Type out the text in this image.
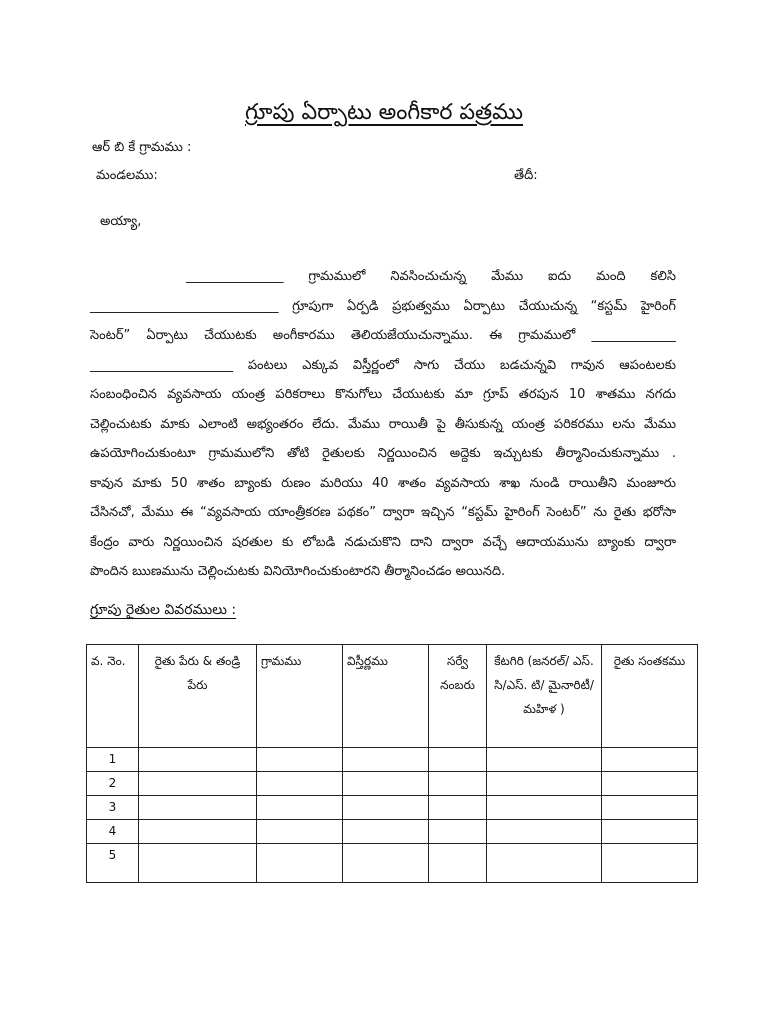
గ్రూపు ఏర్పాటు అంగీకార పత్రము
ఆర్ బి కే గ్రామము :
మండలము:	తేదీ:
అయ్యా,

_______________ గ్రామములో నివసించుచున్న మేము ఐదు మంది కలిసి

_____________________________ గ్రూపుగా ఏర్పడి ప్రభుత్వము ఏర్పాటు చేయుచున్న “కస్టమ్ హైరింగ్

సెంటర్” ఏర్పాటు చేయుటకు అంగీకారము తెలియజేయుచున్నాము. ఈ గ్రామములో _____________

______________________ పంటలు ఎక్కువ విస్తీర్ణంలో సాగు చేయు బడచున్నవి గావున ఆపంటలకు

సంబంధించిన వ్యవసాయ యంత్ర పరికరాలు కొనుగోలు చేయుటకు మా గ్రూప్ తరపున 10 శాతము నగదు

చెల్లించుటకు మాకు ఎలాంటి అభ్యంతరం లేదు. మేము రాయితీ పై తీసుకున్న యంత్ర పరికరము లను మేము

ఉపయోగించుకుంటూ గ్రామములోని తోటి రైతులకు నిర్ణయించిన అద్దెకు ఇచ్చుటకు తీర్మానించుకున్నాము .

కావున మాకు 50 శాతం బ్యాంకు రుణం మరియు 40 శాతం వ్యవసాయ శాఖ నుండి రాయితీని మంజూరు

చేసినచో, మేము ఈ “వ్యవసాయ యాంత్రీకరణ పథకం” ద్వారా ఇచ్చిన “కస్టమ్ హైరింగ్ సెంటర్” ను రైతు భరోసా

కేంద్రం వారు నిర్ణయించిన షరతుల కు లోబడి నడుచుకొని దాని ద్వారా వచ్చే ఆదాయమును బ్యాంకు ద్వారా

పొందిన ఋణమును చెల్లించుటకు వినియోగించుకుంటారని తీర్మానించడం అయినది.

గ్రూపు రైతుల వివరములు :
వ. నెం.	రైతు పేరు & తండ్రి పేరు	గ్రామము	విస్తీర్ణము	సర్వే నంబరు	కేటగిరి (జనరల్/ ఎస్. సి/ఎస్. టి/ మైనారిటీ/ మహిళ )	రైతు సంతకము
1						
2						
3						
4						
5						
